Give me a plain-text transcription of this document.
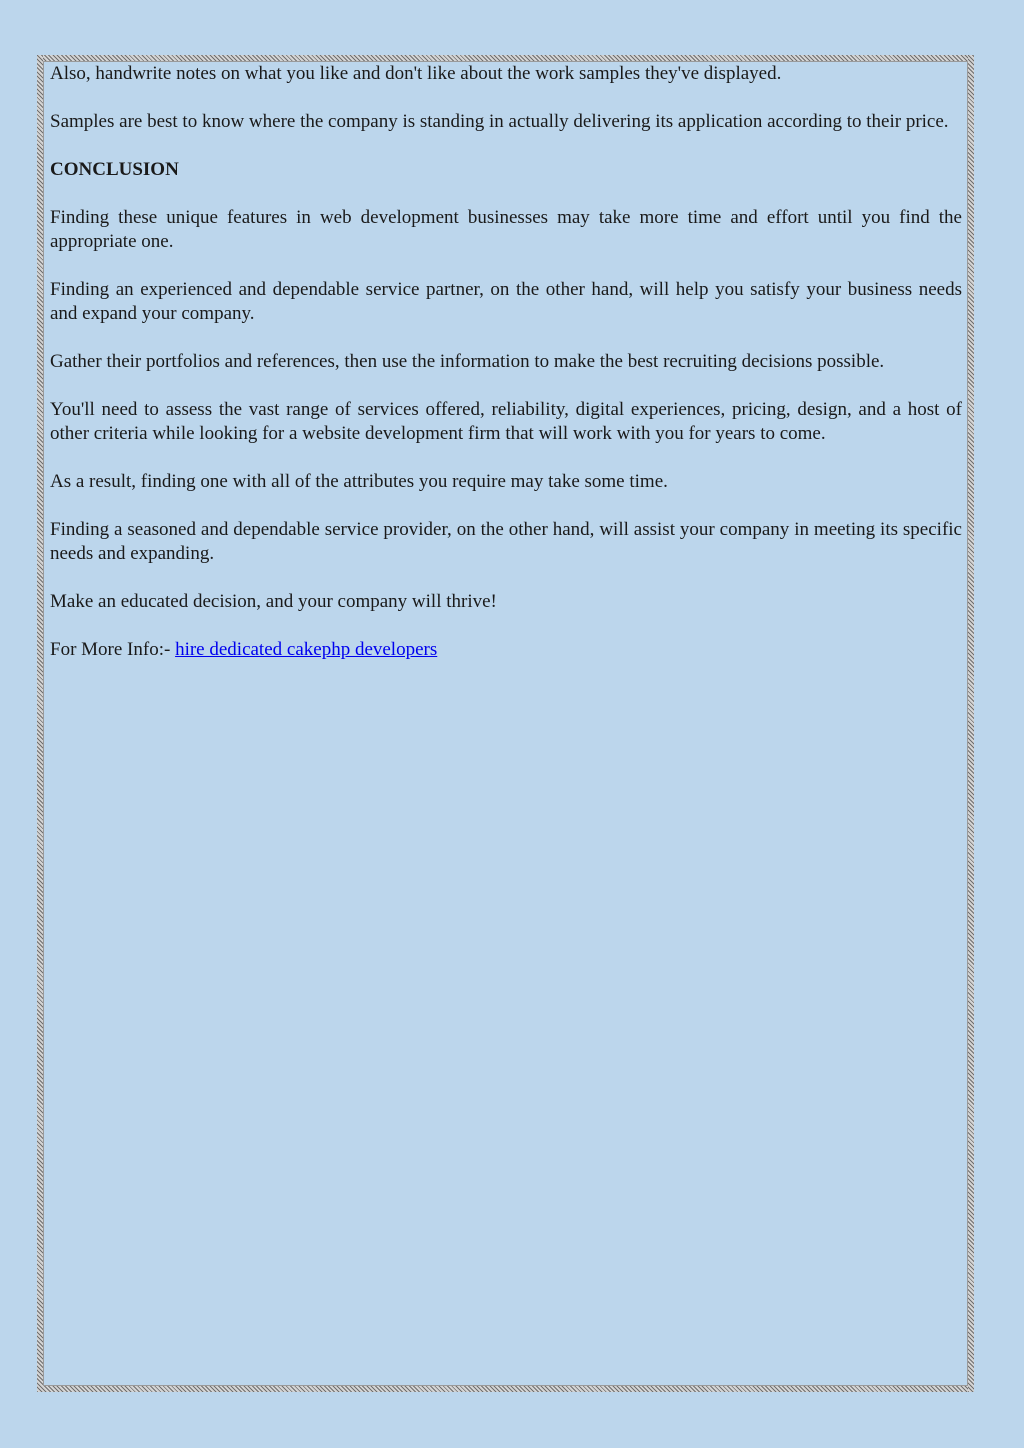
Also, handwrite notes on what you like and don't like about the work samples they've displayed.

Samples are best to know where the company is standing in actually delivering its application according to their price.

CONCLUSION

Finding these unique features in web development businesses may take more time and effort until you find the appropriate one.

Finding an experienced and dependable service partner, on the other hand, will help you satisfy your business needs and expand your company.

Gather their portfolios and references, then use the information to make the best recruiting decisions possible.

You'll need to assess the vast range of services offered, reliability, digital experiences, pricing, design, and a host of other criteria while looking for a website development firm that will work with you for years to come.

As a result, finding one with all of the attributes you require may take some time.

Finding a seasoned and dependable service provider, on the other hand, will assist your company in meeting its specific needs and expanding.

Make an educated decision, and your company will thrive!

For More Info:- hire dedicated cakephp developers
